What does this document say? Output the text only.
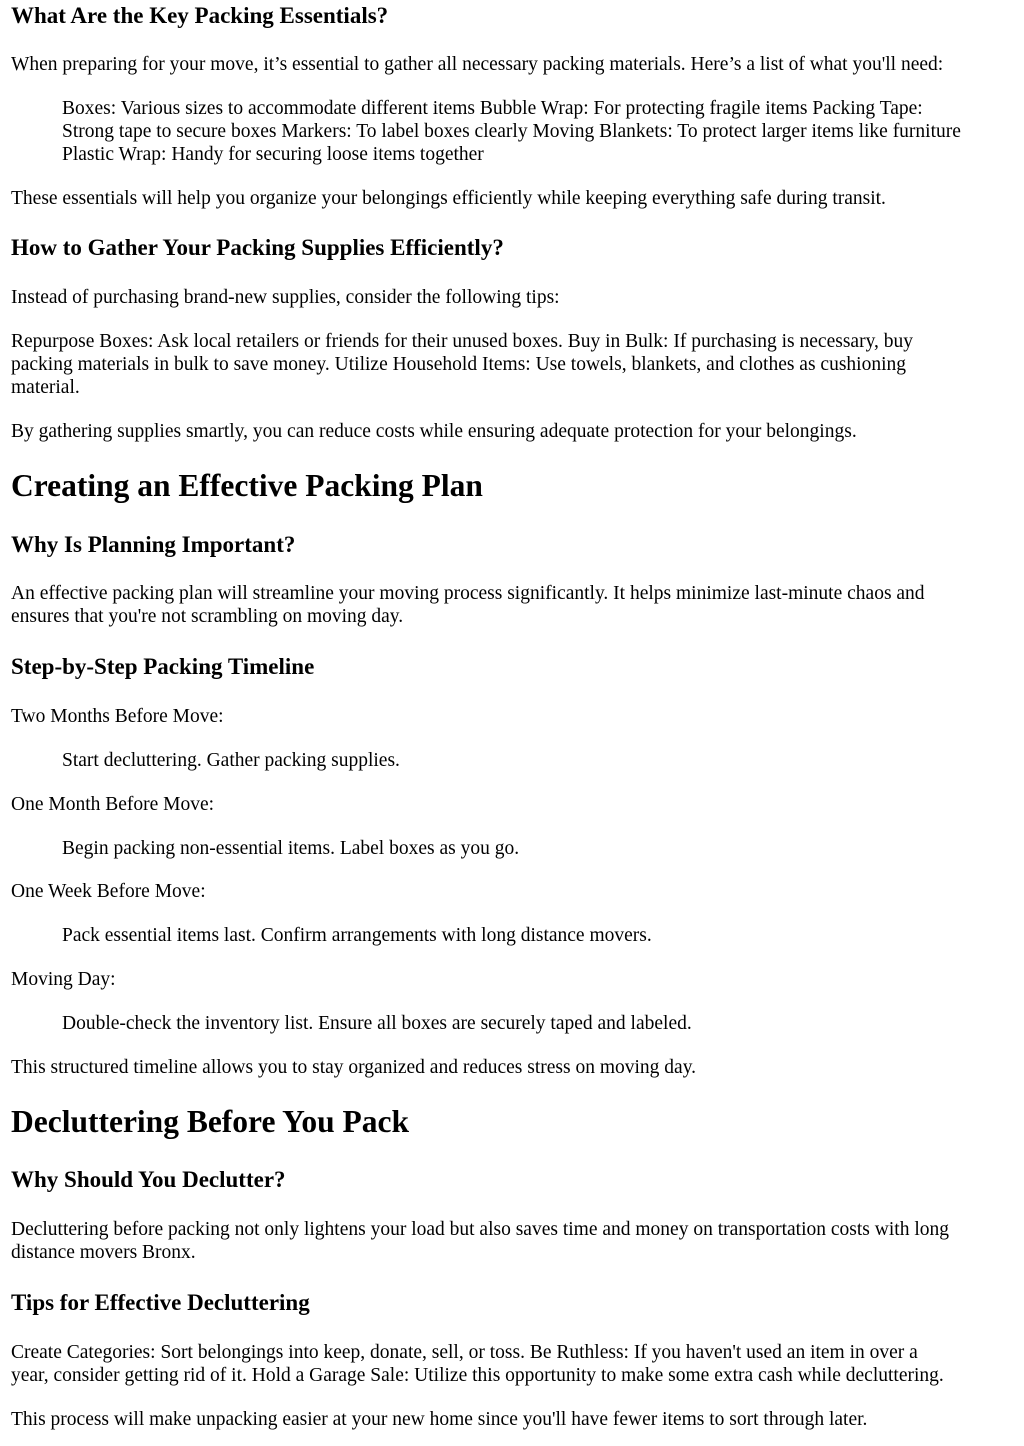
What Are the Key Packing Essentials?

When preparing for your move, it’s essential to gather all necessary packing materials. Here’s a list of what you'll need:

Boxes: Various sizes to accommodate different items Bubble Wrap: For protecting fragile items Packing Tape:

Strong tape to secure boxes Markers: To label boxes clearly Moving Blankets: To protect larger items like furniture

Plastic Wrap: Handy for securing loose items together

These essentials will help you organize your belongings efficiently while keeping everything safe during transit.

How to Gather Your Packing Supplies Efficiently?

Instead of purchasing brand-new supplies, consider the following tips:

Repurpose Boxes: Ask local retailers or friends for their unused boxes. Buy in Bulk: If purchasing is necessary, buy

packing materials in bulk to save money. Utilize Household Items: Use towels, blankets, and clothes as cushioning

material.

By gathering supplies smartly, you can reduce costs while ensuring adequate protection for your belongings.

Creating an Effective Packing Plan
Why Is Planning Important?

An effective packing plan will streamline your moving process significantly. It helps minimize last-minute chaos and

ensures that you're not scrambling on moving day.

Step-by-Step Packing Timeline

Two Months Before Move:

Start decluttering. Gather packing supplies.

One Month Before Move:

Begin packing non-essential items. Label boxes as you go.

One Week Before Move:

Pack essential items last. Confirm arrangements with long distance movers.

Moving Day:

Double-check the inventory list. Ensure all boxes are securely taped and labeled.

This structured timeline allows you to stay organized and reduces stress on moving day.

Decluttering Before You Pack
Why Should You Declutter?

Decluttering before packing not only lightens your load but also saves time and money on transportation costs with long

distance movers Bronx.

Tips for Effective Decluttering

Create Categories: Sort belongings into keep, donate, sell, or toss. Be Ruthless: If you haven't used an item in over a

year, consider getting rid of it. Hold a Garage Sale: Utilize this opportunity to make some extra cash while decluttering.

This process will make unpacking easier at your new home since you'll have fewer items to sort through later.
